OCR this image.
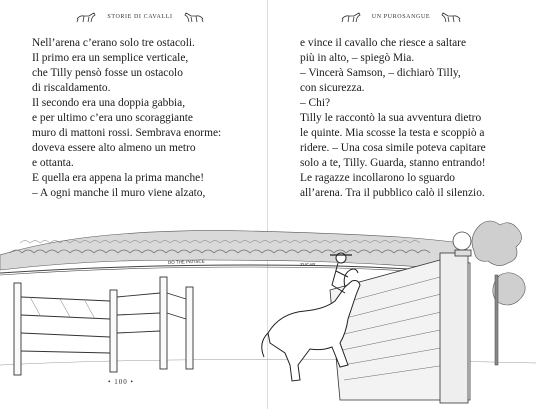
STORIE DI CAVALLI
Nell’arena c’erano solo tre ostacoli.
Il primo era un semplice verticale,
che Tilly pensò fosse un ostacolo
di riscaldamento.
Il secondo era una doppia gabbia,
e per ultimo c’era uno scoraggiante
muro di mattoni rossi. Sembrava enorme:
doveva essere alto almeno un metro
e ottanta.
E quella era appena la prima manche!
– A ogni manche il muro viene alzato,
• 100 •
UN PUROSANGUE
e vince il cavallo che riesce a saltare
più in alto, – spiegò Mia.
– Vincerà Samson, – dichiarò Tilly,
con sicurezza.
– Chi?
Tilly le raccontò la sua avventura dietro
le quinte. Mia scosse la testa e scoppiò a
ridere. – Una cosa simile poteva capitare
solo a te, Tilly. Guarda, stanno entrando!
Le ragazze incollarono lo sguardo
all’arena. Tra il pubblico calò il silenzio.
DO THE PATISCE	ZUCAR
